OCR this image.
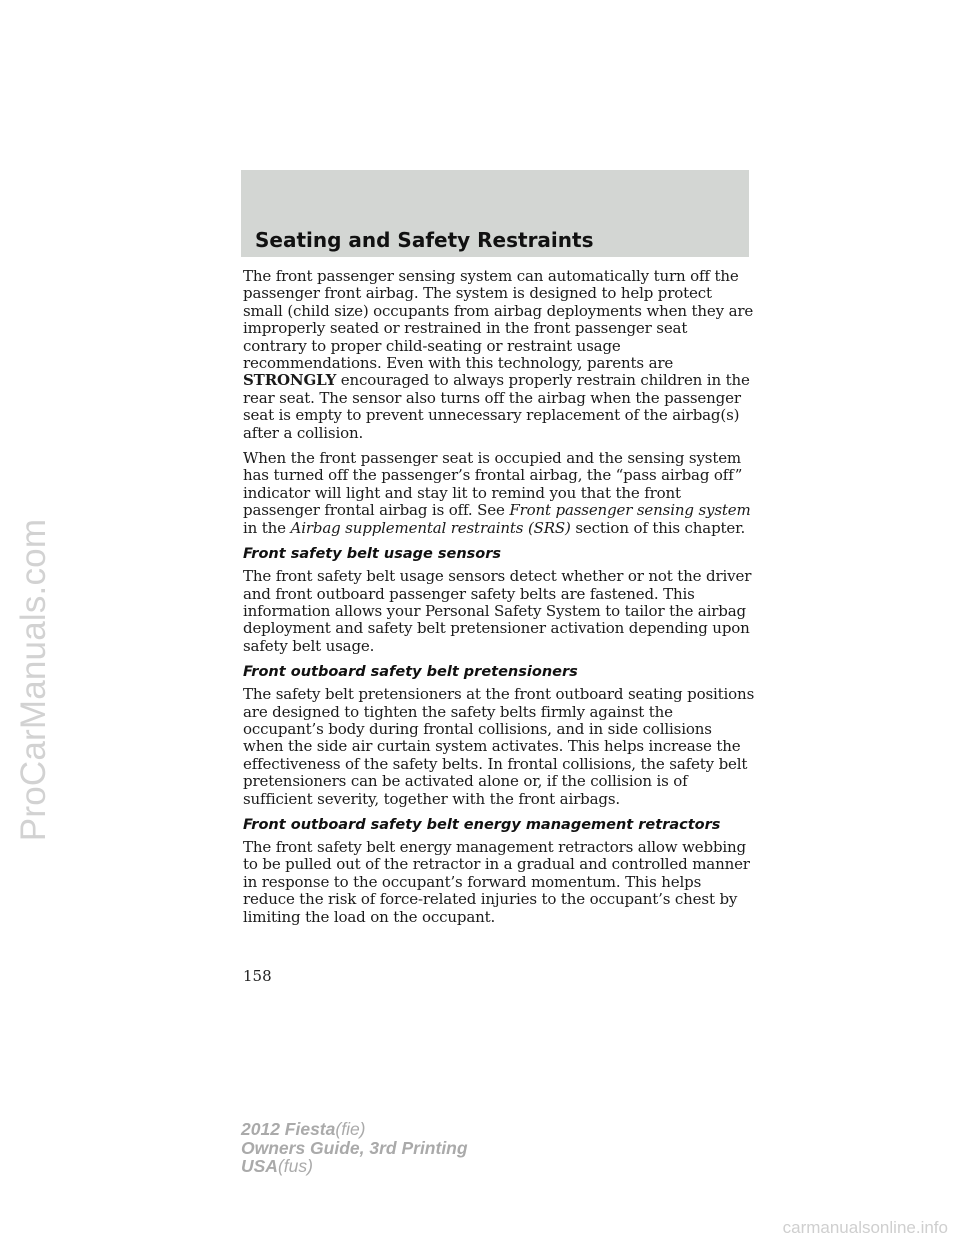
ProCarManuals.com
Seating and Safety Restraints

The front passenger sensing system can automatically turn off the passenger front airbag. The system is designed to help protect small (child size) occupants from airbag deployments when they are improperly seated or restrained in the front passenger seat contrary to proper child-seating or restraint usage recommendations. Even with this technology, parents are STRONGLY encouraged to always properly restrain children in the rear seat. The sensor also turns off the airbag when the passenger seat is empty to prevent unnecessary replacement of the airbag(s) after a collision.

When the front passenger seat is occupied and the sensing system has turned off the passenger’s frontal airbag, the “pass airbag off” indicator will light and stay lit to remind you that the front passenger frontal airbag is off. See Front passenger sensing system in the Airbag supplemental restraints (SRS) section of this chapter.

Front safety belt usage sensors

The front safety belt usage sensors detect whether or not the driver and front outboard passenger safety belts are fastened. This information allows your Personal Safety System to tailor the airbag deployment and safety belt pretensioner activation depending upon safety belt usage.

Front outboard safety belt pretensioners

The safety belt pretensioners at the front outboard seating positions are designed to tighten the safety belts firmly against the occupant’s body during frontal collisions, and in side collisions when the side air curtain system activates. This helps increase the effectiveness of the safety belts. In frontal collisions, the safety belt pretensioners can be activated alone or, if the collision is of sufficient severity, together with the front airbags.

Front outboard safety belt energy management retractors

The front safety belt energy management retractors allow webbing to be pulled out of the retractor in a gradual and controlled manner in response to the occupant’s forward momentum. This helps reduce the risk of force-related injuries to the occupant’s chest by limiting the load on the occupant.

158
2012 Fiesta(fie)
Owners Guide, 3rd Printing
USA(fus)
carmanualsonline.info
